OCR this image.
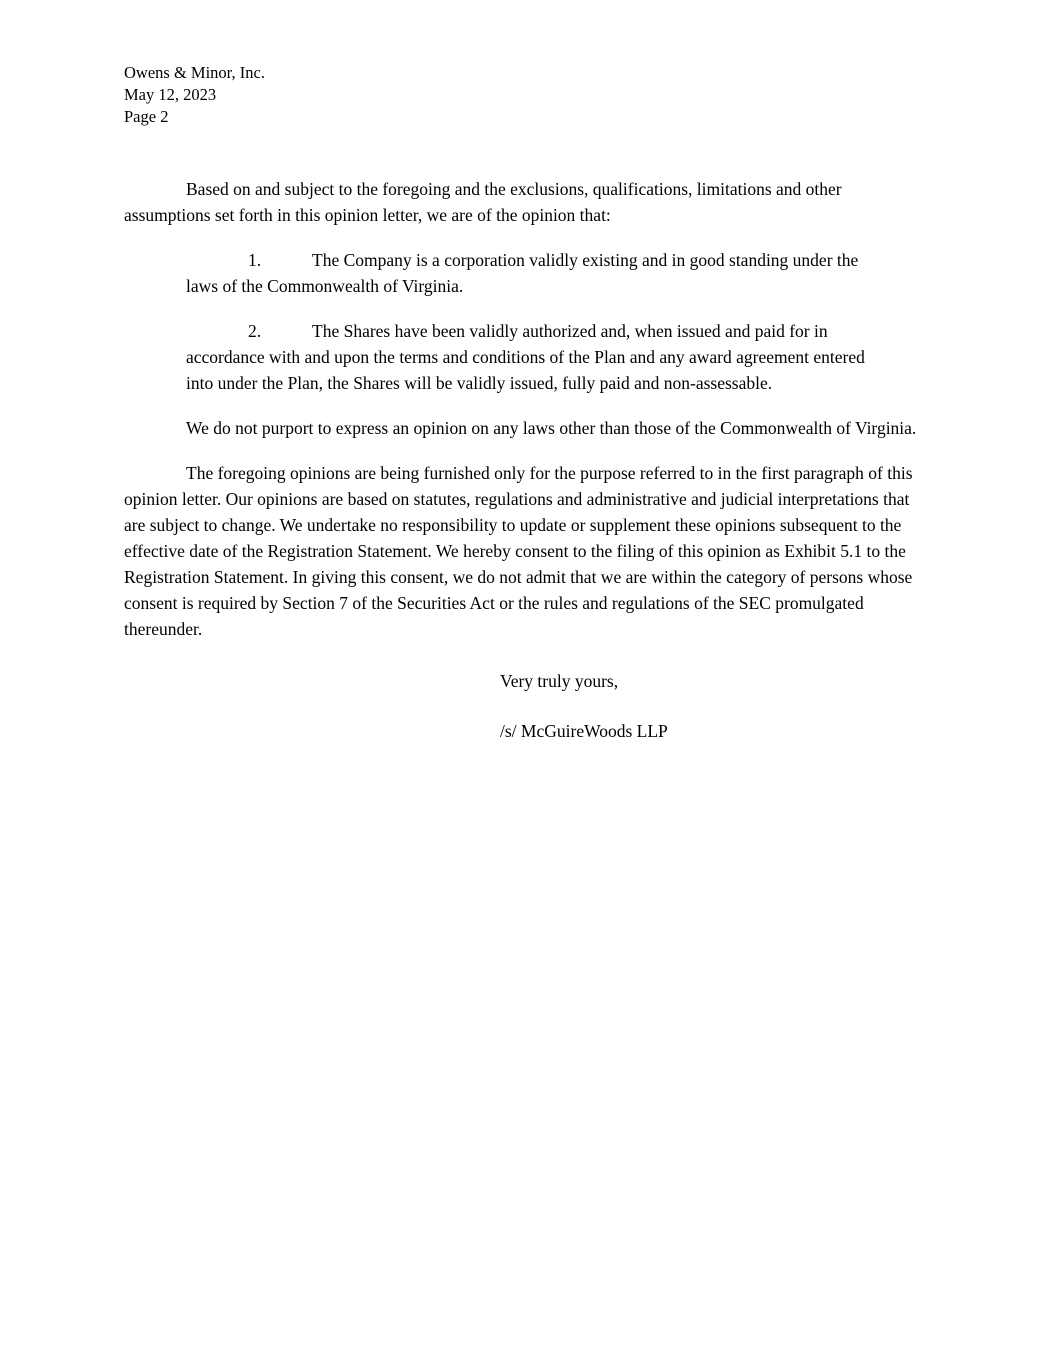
Owens & Minor, Inc.
May 12, 2023
Page 2

Based on and subject to the foregoing and the exclusions, qualifications, limitations and other assumptions set forth in this opinion letter, we are of the opinion that:

1.	The Company is a corporation validly existing and in good standing under the laws of the Commonwealth of Virginia.

2.	The Shares have been validly authorized and, when issued and paid for in accordance with and upon the terms and conditions of the Plan and any award agreement entered into under the Plan, the Shares will be validly issued, fully paid and non-assessable.

We do not purport to express an opinion on any laws other than those of the Commonwealth of Virginia.

The foregoing opinions are being furnished only for the purpose referred to in the first paragraph of this opinion letter. Our opinions are based on statutes, regulations and administrative and judicial interpretations that are subject to change. We undertake no responsibility to update or supplement these opinions subsequent to the effective date of the Registration Statement. We hereby consent to the filing of this opinion as Exhibit 5.1 to the Registration Statement. In giving this consent, we do not admit that we are within the category of persons whose consent is required by Section 7 of the Securities Act or the rules and regulations of the SEC promulgated thereunder.

Very truly yours,

/s/ McGuireWoods LLP
